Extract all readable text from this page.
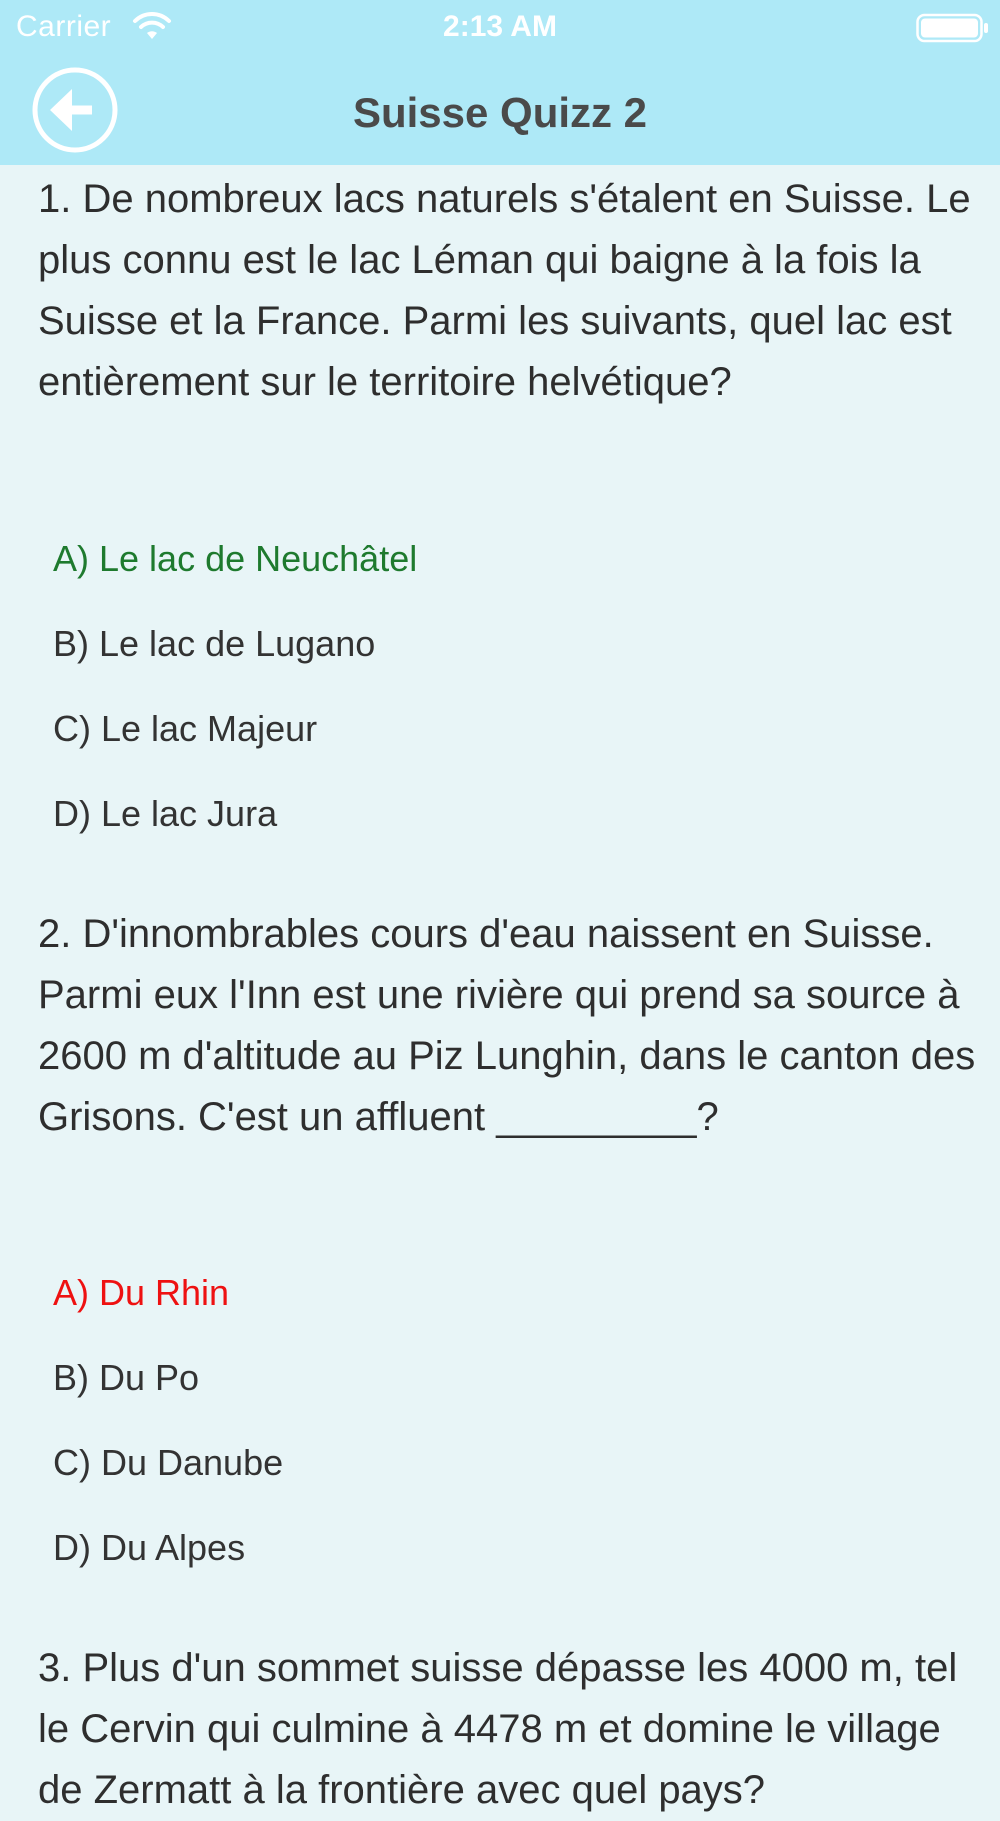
Carrier	2:13 AM
Suisse Quizz 2

1. De nombreux lacs naturels s'étalent en Suisse. Le plus connu est le lac Léman qui baigne à la fois la Suisse et la France. Parmi les suivants, quel lac est entièrement sur le territoire helvétique?

A) Le lac de Neuchâtel
B) Le lac de Lugano
C) Le lac Majeur
D) Le lac Jura

2. D'innombrables cours d'eau naissent en Suisse. Parmi eux l'Inn est une rivière qui prend sa source à 2600 m d'altitude au Piz Lunghin, dans le canton des Grisons. C'est un affluent _________?

A) Du Rhin
B) Du Po
C) Du Danube
D) Du Alpes

3. Plus d'un sommet suisse dépasse les 4000 m, tel le Cervin qui culmine à 4478 m et domine le village de Zermatt à la frontière avec quel pays?
